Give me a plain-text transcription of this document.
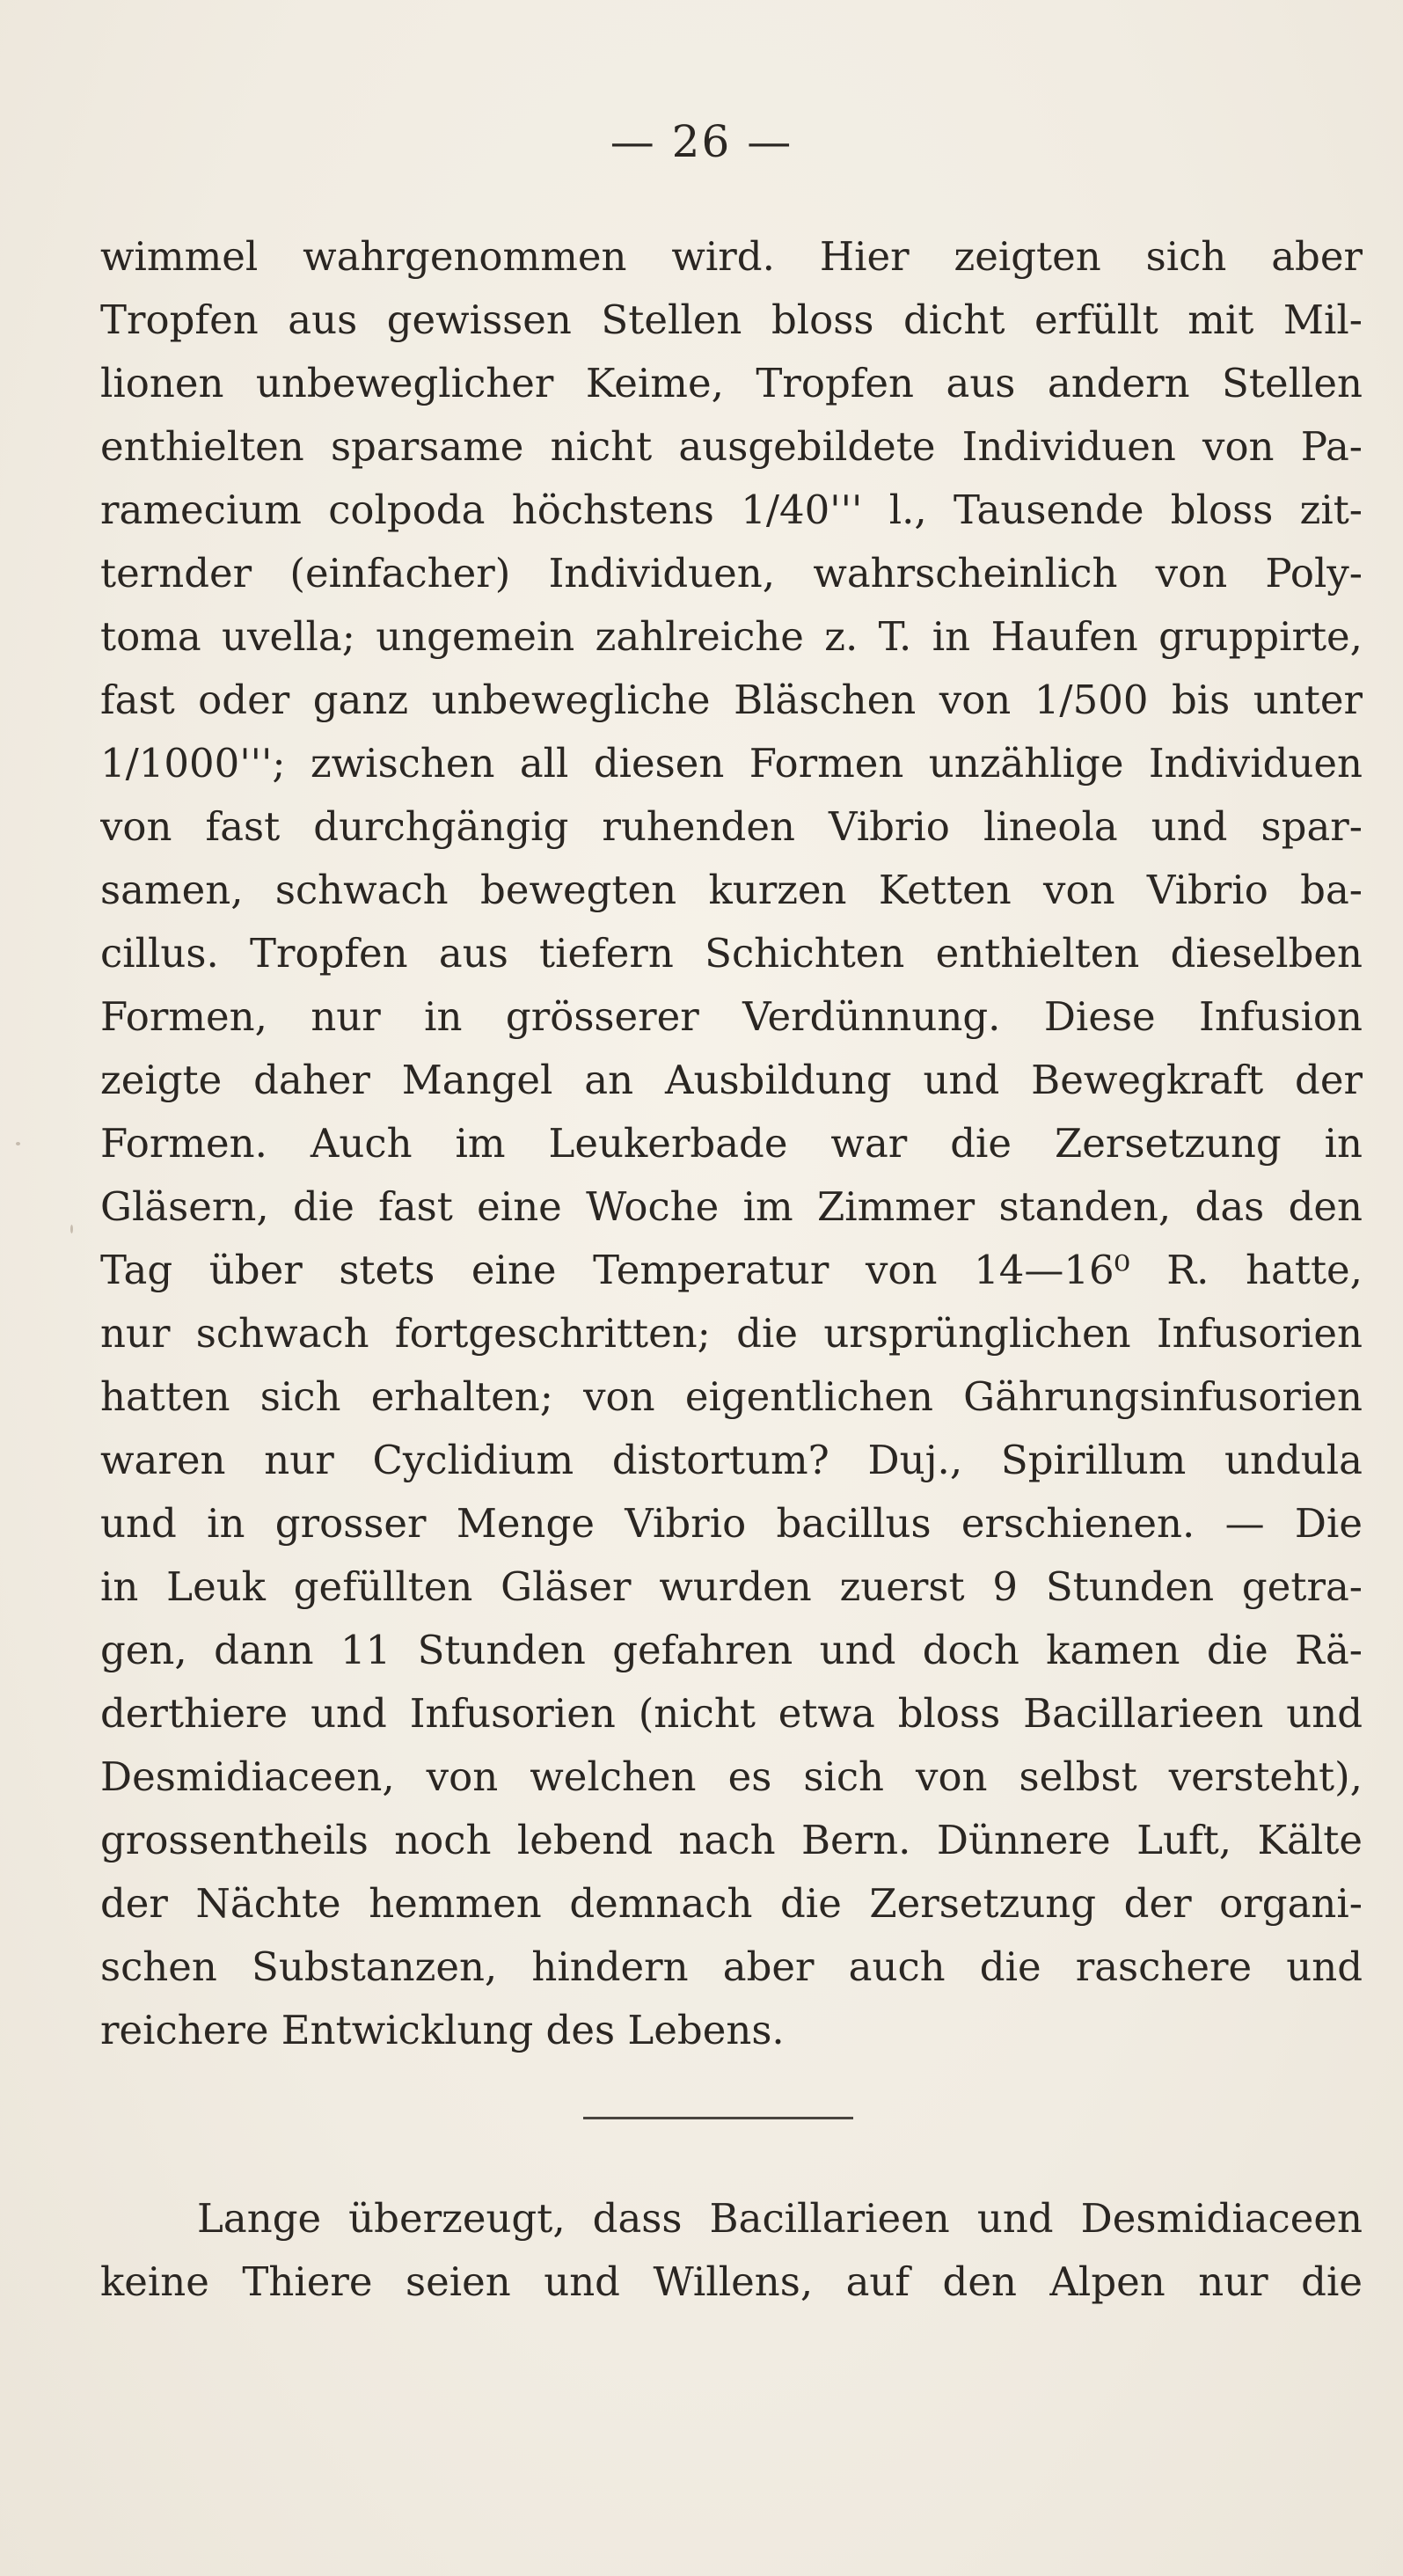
— 26 —
wimmel wahrgenommen wird. Hier zeigten sich aber
Tropfen aus gewissen Stellen bloss dicht erfüllt mit Mil-
lionen unbeweglicher Keime, Tropfen aus andern Stellen
enthielten sparsame nicht ausgebildete Individuen von Pa-
ramecium colpoda höchstens 1/40''' l., Tausende bloss zit-
ternder (einfacher) Individuen, wahrscheinlich von Poly-
toma uvella; ungemein zahlreiche z. T. in Haufen gruppirte,
fast oder ganz unbewegliche Bläschen von 1/500 bis unter
1/1000'''; zwischen all diesen Formen unzählige Individuen
von fast durchgängig ruhenden Vibrio lineola und spar-
samen, schwach bewegten kurzen Ketten von Vibrio ba-
cillus. Tropfen aus tiefern Schichten enthielten dieselben
Formen, nur in grösserer Verdünnung. Diese Infusion
zeigte daher Mangel an Ausbildung und Bewegkraft der
Formen. Auch im Leukerbade war die Zersetzung in
Gläsern, die fast eine Woche im Zimmer standen, das den
Tag über stets eine Temperatur von 14—16⁰ R. hatte,
nur schwach fortgeschritten; die ursprünglichen Infusorien
hatten sich erhalten; von eigentlichen Gährungsinfusorien
waren nur Cyclidium distortum? Duj., Spirillum undula
und in grosser Menge Vibrio bacillus erschienen. — Die
in Leuk gefüllten Gläser wurden zuerst 9 Stunden getra-
gen, dann 11 Stunden gefahren und doch kamen die Rä-
derthiere und Infusorien (nicht etwa bloss Bacillarieen und
Desmidiaceen, von welchen es sich von selbst versteht),
grossentheils noch lebend nach Bern. Dünnere Luft, Kälte
der Nächte hemmen demnach die Zersetzung der organi-
schen Substanzen, hindern aber auch die raschere und
reichere Entwicklung des Lebens.
Lange überzeugt, dass Bacillarieen und Desmidiaceen
keine Thiere seien und Willens, auf den Alpen nur die
